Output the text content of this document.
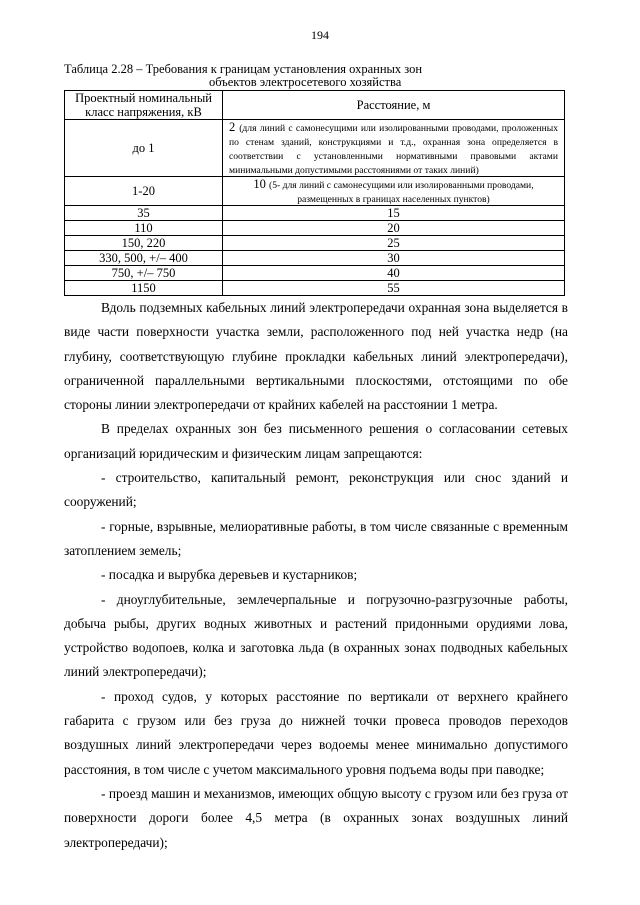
194
Таблица 2.28 – Требования к границам установления охранных зон
объектов электросетевого хозяйства
Проектный номинальный класс напряжения, кВ	Расстояние, м
до 1	2 (для линий с самонесущими или изолированными проводами, проложенных по стенам зданий, конструкциями и т.д., охранная зона определяется в соответствии с установленными нормативными правовыми актами минимальными допустимыми расстояниями от таких линий)
1-20	10 (5- для линий с самонесущими или изолированными проводами, размещенных в границах населенных пунктов)
35	15
110	20
150, 220	25
330, 500, +/– 400	30
750, +/– 750	40
1150	55

Вдоль подземных кабельных линий электропередачи охранная зона выделяется в виде части поверхности участка земли, расположенного под ней участка недр (на глубину, соответствующую глубине прокладки кабельных линий электропередачи), ограниченной параллельными вертикальными плоскостями, отстоящими по обе стороны линии электропередачи от крайних кабелей на расстоянии 1 метра.

В пределах охранных зон без письменного решения о согласовании сетевых организаций юридическим и физическим лицам запрещаются:

- строительство, капитальный ремонт, реконструкция или снос зданий и сооружений;

- горные, взрывные, мелиоративные работы, в том числе связанные с временным затоплением земель;

- посадка и вырубка деревьев и кустарников;

- дноуглубительные, землечерпальные и погрузочно-разгрузочные работы, добыча рыбы, других водных животных и растений придонными орудиями лова, устройство водопоев, колка и заготовка льда (в охранных зонах подводных кабельных линий электропередачи);

- проход судов, у которых расстояние по вертикали от верхнего крайнего габарита с грузом или без груза до нижней точки провеса проводов переходов воздушных линий электропередачи через водоемы менее минимально допустимого расстояния, в том числе с учетом максимального уровня подъема воды при паводке;

- проезд машин и механизмов, имеющих общую высоту с грузом или без груза от поверхности дороги более 4,5 метра (в охранных зонах воздушных линий электропередачи);
